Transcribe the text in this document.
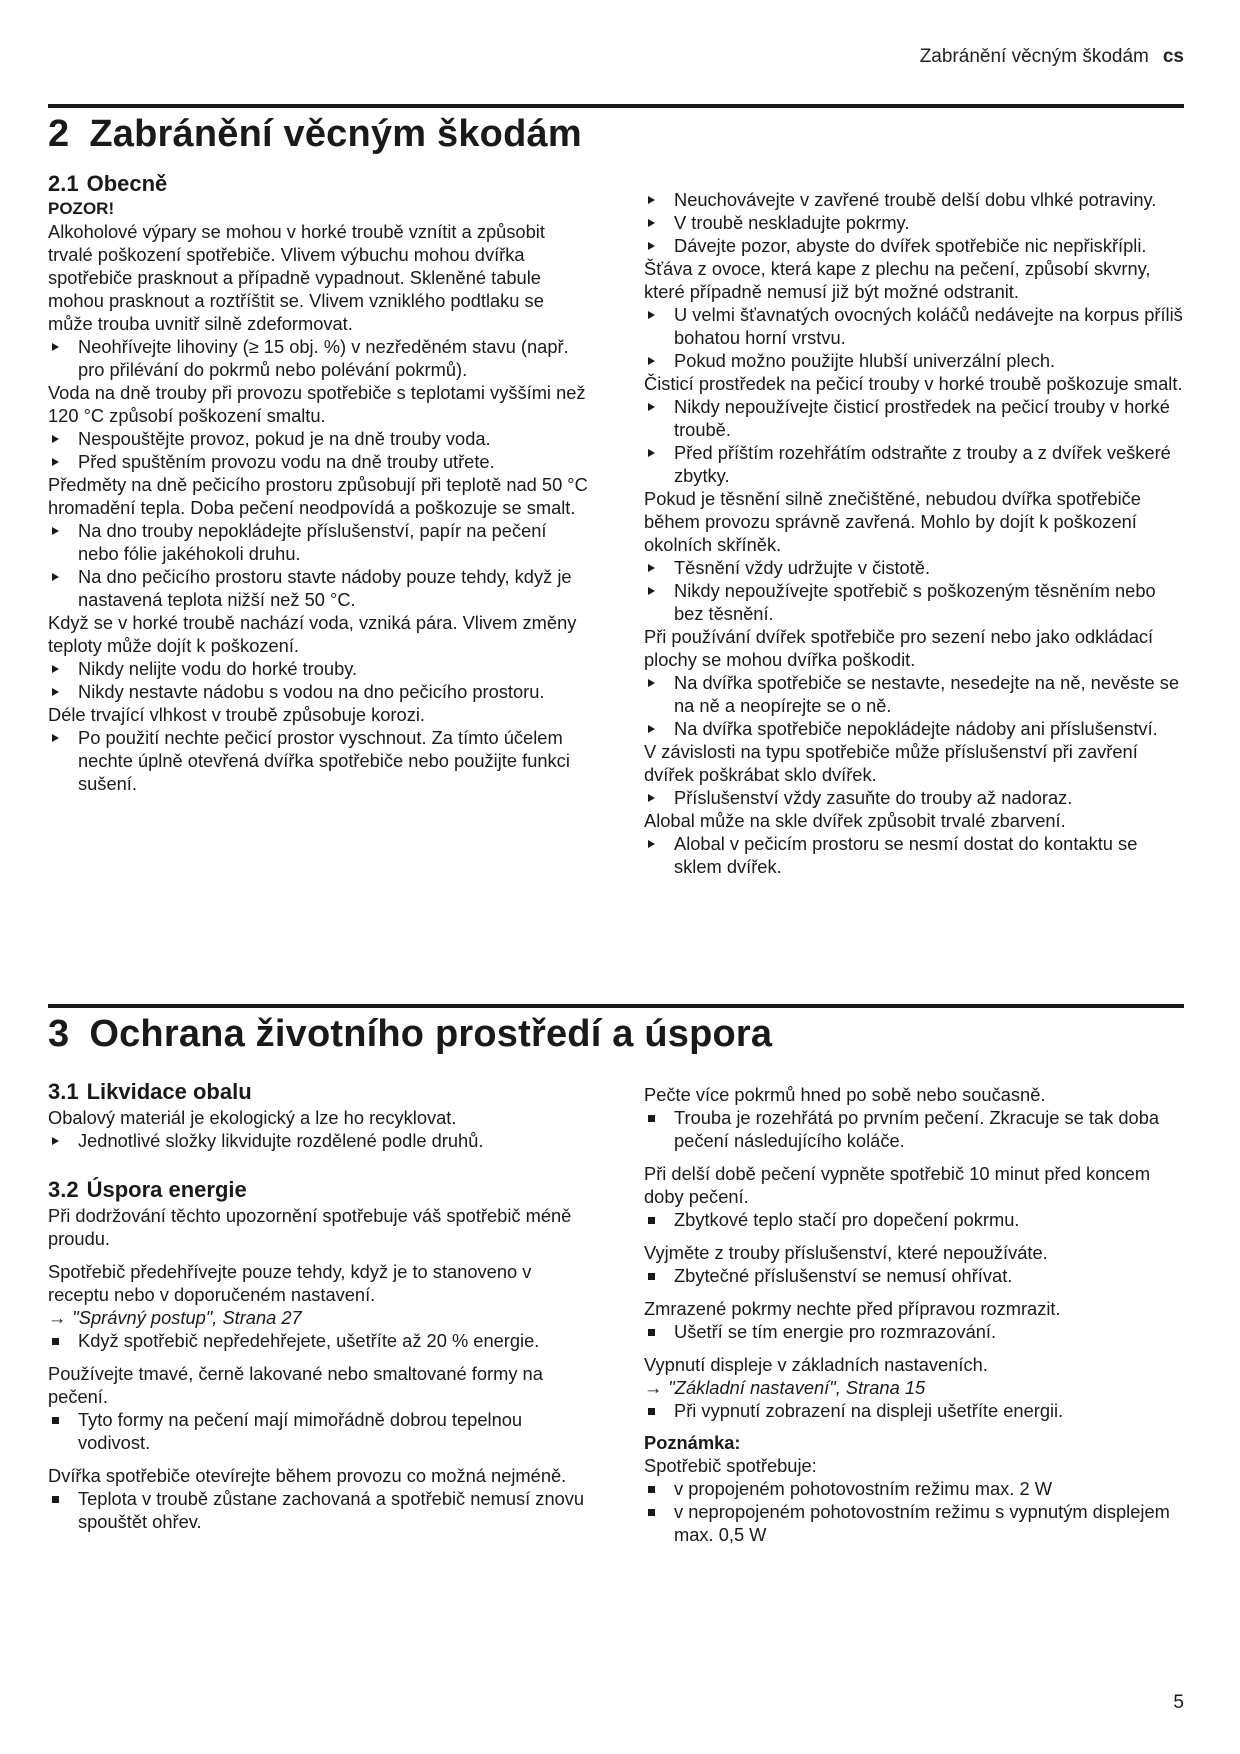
Zabránění věcným škodám cs
2 Zabránění věcným škodám
2.1 Obecně
POZOR!

Alkoholové výpary se mohou v horké troubě vznítit a způsobit trvalé poškození spotřebiče. Vlivem výbuchu mohou dvířka spotřebiče prasknout a případně vypadnout. Skleněné tabule mohou prasknout a roztříštit se. Vlivem vzniklého podtlaku se může trouba uvnitř silně zdeformovat.

Neohřívejte lihoviny (≥ 15 obj. %) v nezředěném stavu (např. pro přilévání do pokrmů nebo polévání pokrmů).

Voda na dně trouby při provozu spotřebiče s teplotami vyššími než 120 °C způsobí poškození smaltu.

Nespouštějte provoz, pokud je na dně trouby voda.
Před spuštěním provozu vodu na dně trouby utřete.

Předměty na dně pečicího prostoru způsobují při teplotě nad 50 °C hromadění tepla. Doba pečení neodpovídá a poškozuje se smalt.

Na dno trouby nepokládejte příslušenství, papír na pečení nebo fólie jakéhokoli druhu.
Na dno pečicího prostoru stavte nádoby pouze tehdy, když je nastavená teplota nižší než 50 °C.

Když se v horké troubě nachází voda, vzniká pára. Vlivem změny teploty může dojít k poškození.

Nikdy nelijte vodu do horké trouby.
Nikdy nestavte nádobu s vodou na dno pečicího prostoru.

Déle trvající vlhkost v troubě způsobuje korozi.

Po použití nechte pečicí prostor vyschnout. Za tímto účelem nechte úplně otevřená dvířka spotřebiče nebo použijte funkci sušení.
Neuchovávejte v zavřené troubě delší dobu vlhké potraviny.
V troubě neskladujte pokrmy.
Dávejte pozor, abyste do dvířek spotřebiče nic nepřiskřípli.

Šťáva z ovoce, která kape z plechu na pečení, způsobí skvrny, které případně nemusí již být možné odstranit.

U velmi šťavnatých ovocných koláčů nedávejte na korpus příliš bohatou horní vrstvu.
Pokud možno použijte hlubší univerzální plech.

Čisticí prostředek na pečicí trouby v horké troubě poškozuje smalt.

Nikdy nepoužívejte čisticí prostředek na pečicí trouby v horké troubě.
Před příštím rozehřátím odstraňte z trouby a z dvířek veškeré zbytky.

Pokud je těsnění silně znečištěné, nebudou dvířka spotřebiče během provozu správně zavřená. Mohlo by dojít k poškození okolních skříněk.

Těsnění vždy udržujte v čistotě.
Nikdy nepoužívejte spotřebič s poškozeným těsněním nebo bez těsnění.

Při používání dvířek spotřebiče pro sezení nebo jako odkládací plochy se mohou dvířka poškodit.

Na dvířka spotřebiče se nestavte, nesedejte na ně, nevěste se na ně a neopírejte se o ně.
Na dvířka spotřebiče nepokládejte nádoby ani příslušenství.

V závislosti na typu spotřebiče může příslušenství při zavření dvířek poškrábat sklo dvířek.

Příslušenství vždy zasuňte do trouby až nadoraz.

Alobal může na skle dvířek způsobit trvalé zbarvení.

Alobal v pečicím prostoru se nesmí dostat do kontaktu se sklem dvířek.
3 Ochrana životního prostředí a úspora
3.1 Likvidace obalu

Obalový materiál je ekologický a lze ho recyklovat.

Jednotlivé složky likvidujte rozdělené podle druhů.
3.2 Úspora energie

Při dodržování těchto upozornění spotřebuje váš spotřebič méně proudu.

Spotřebič předehřívejte pouze tehdy, když je to stanoveno v receptu nebo v doporučeném nastavení.

→ "Správný postup", Strana 27
Když spotřebič nepředehřejete, ušetříte až 20 % energie.

Používejte tmavé, černě lakované nebo smaltované formy na pečení.

Tyto formy na pečení mají mimořádně dobrou tepelnou vodivost.

Dvířka spotřebiče otevírejte během provozu co možná nejméně.

Teplota v troubě zůstane zachovaná a spotřebič nemusí znovu spouštět ohřev.

Pečte více pokrmů hned po sobě nebo současně.

Trouba je rozehřátá po prvním pečení. Zkracuje se tak doba pečení následujícího koláče.

Při delší době pečení vypněte spotřebič 10 minut před koncem doby pečení.

Zbytkové teplo stačí pro dopečení pokrmu.

Vyjměte z trouby příslušenství, které nepoužíváte.

Zbytečné příslušenství se nemusí ohřívat.

Zmrazené pokrmy nechte před přípravou rozmrazit.

Ušetří se tím energie pro rozmrazování.

Vypnutí displeje v základních nastaveních.

→ "Základní nastavení", Strana 15
Při vypnutí zobrazení na displeji ušetříte energii.
Poznámka:

Spotřebič spotřebuje:

v propojeném pohotovostním režimu max. 2 W
v nepropojeném pohotovostním režimu s vypnutým displejem max. 0,5 W
5
